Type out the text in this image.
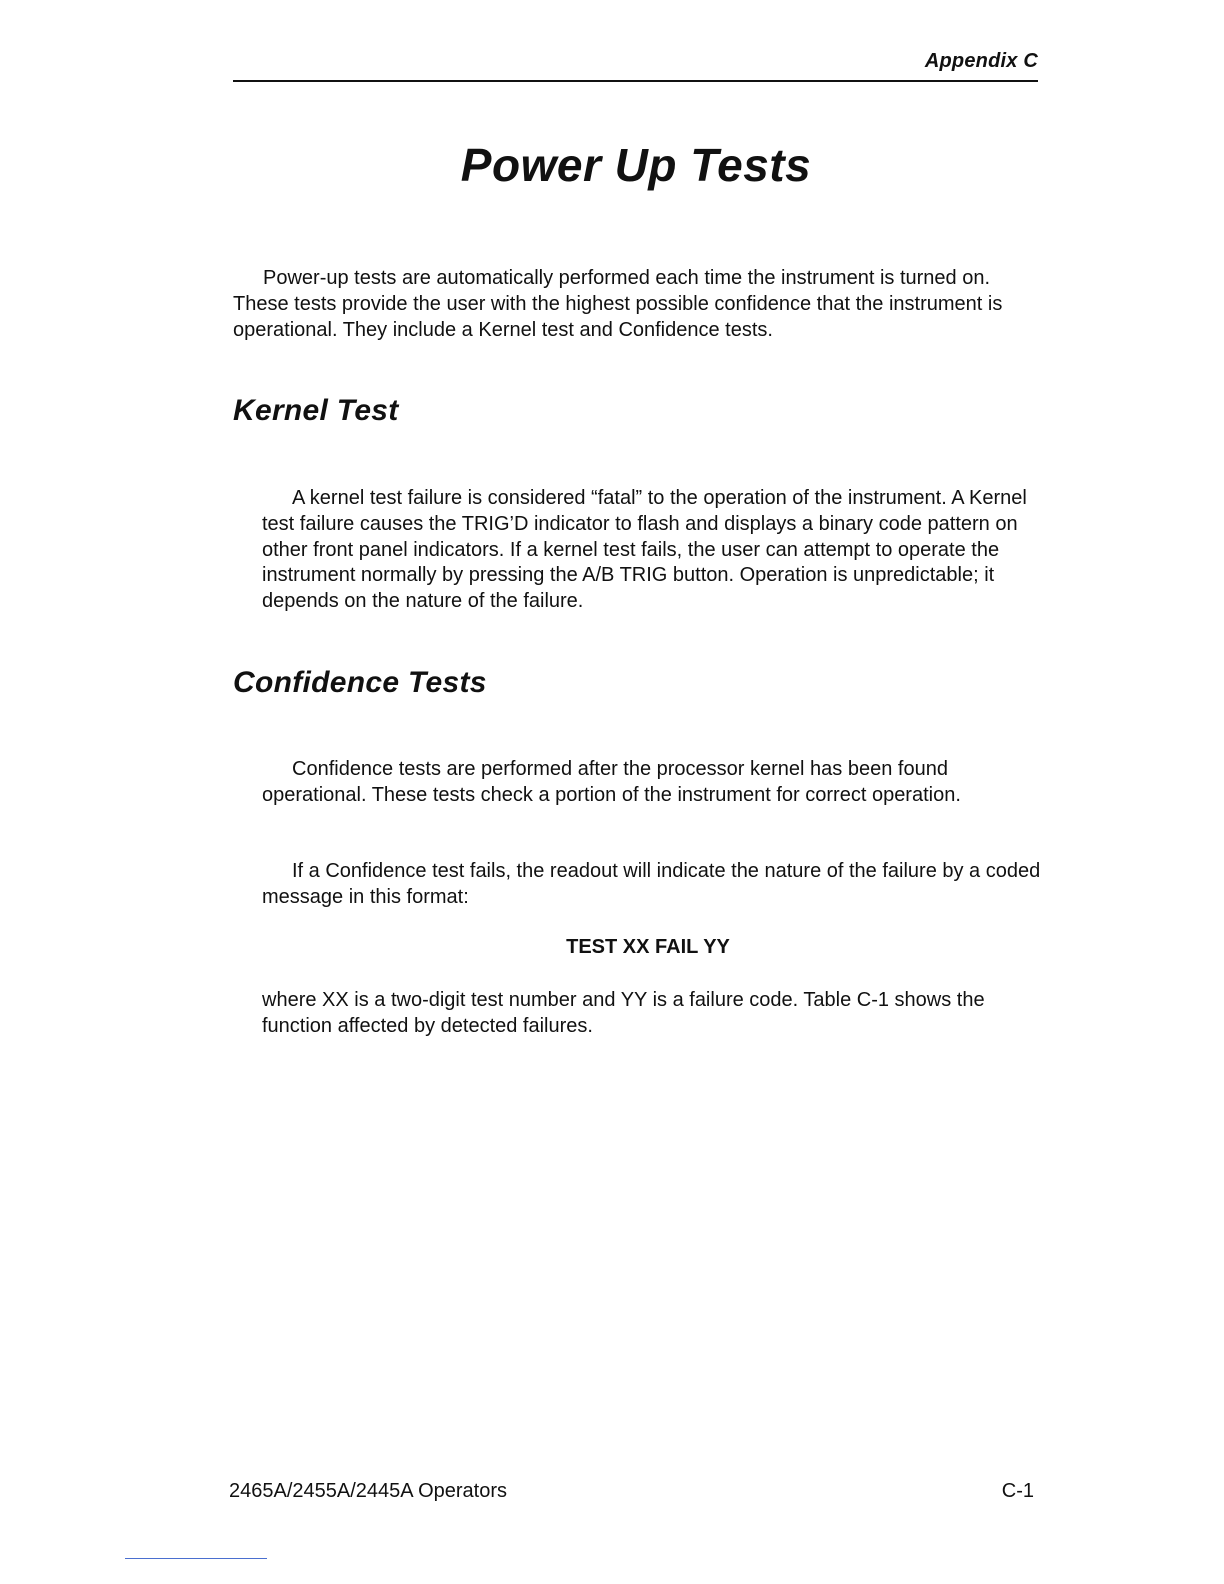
Appendix C
Power Up Tests

Power-up tests are automatically performed each time the instrument is turned on. These tests provide the user with the highest possible confidence that the instrument is operational. They include a Kernel test and Confidence tests.

Kernel Test

A kernel test failure is considered “fatal” to the operation of the instrument. A Kernel test failure causes the TRIG’D indicator to flash and displays a binary code pattern on other front panel indicators. If a kernel test fails, the user can attempt to operate the instrument normally by pressing the A/B TRIG button. Operation is unpredictable; it depends on the nature of the failure.

Confidence Tests

Confidence tests are performed after the processor kernel has been found operational. These tests check a portion of the instrument for correct operation.

If a Confidence test fails, the readout will indicate the nature of the failure by a coded message in this format:

TEST XX FAIL YY

where XX is a two-digit test number and YY is a failure code. Table C-1 shows the function affected by detected failures.

2465A/2455A/2445A Operators	C-1
